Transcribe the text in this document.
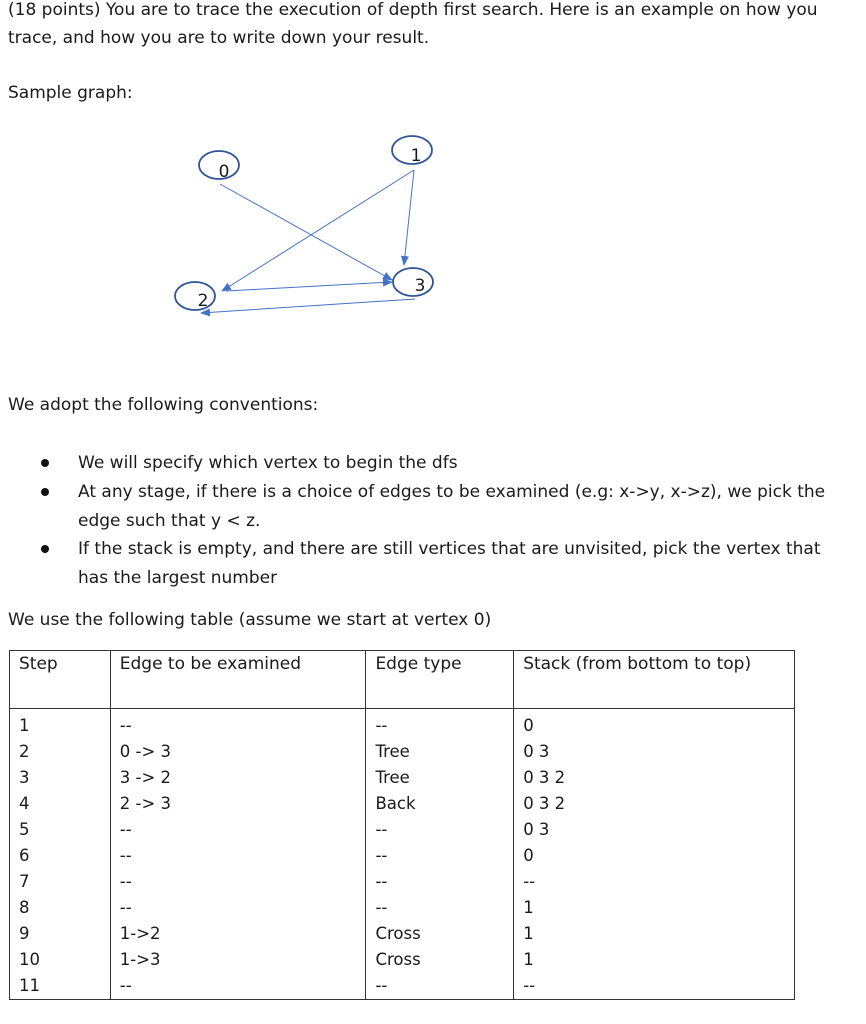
(18 points) You are to trace the execution of depth first search. Here is an example on how you
trace, and how you are to write down your result.
Sample graph:
0
1
2
3
We adopt the following conventions:
We will specify which vertex to begin the dfs
At any stage, if there is a choice of edges to be examined (e.g: x->y, x->z), we pick the
edge such that y < z.
If the stack is empty, and there are still vertices that are unvisited, pick the vertex that
has the largest number
We use the following table (assume we start at vertex 0)
Step	Edge to be examined	Edge type	Stack (from bottom to top)
1	--	--	0
2	0 -> 3	Tree	0 3
3	3 -> 2	Tree	0 3 2
4	2 -> 3	Back	0 3 2
5	--	--	0 3
6	--	--	0
7	--	--	--
8	--	--	1
9	1->2	Cross	1
10	1->3	Cross	1
11	--	--	--
